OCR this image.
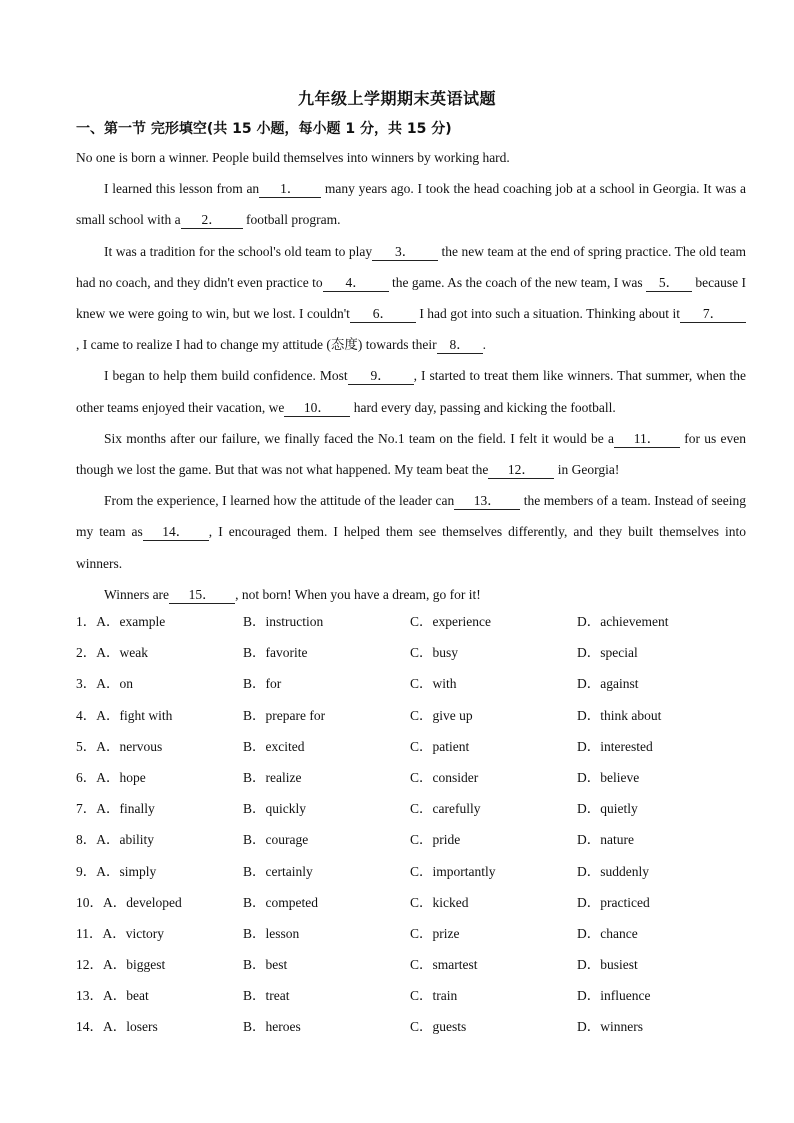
九年级上学期期末英语试题
一、第一节 完形填空(共 15 小题，每小题 1 分，共 15 分)

No one is born a winner. People build themselves into winners by working hard.

I learned this lesson from an 1． many years ago. I took the head coaching job at a school in Georgia. It was a small school with a 2． football program.

It was a tradition for the school's old team to play 3． the new team at the end of spring practice. The old team had no coach, and they didn't even practice to 4． the game. As the coach of the new team, I was 5． because I knew we were going to win, but we lost. I couldn't 6． I had got into such a situation. Thinking about it 7．, I came to realize I had to change my attitude (态度) towards their 8． .

I began to help them build confidence. Most 9． , I started to treat them like winners. That summer, when the other teams enjoyed their vacation, we 10． hard every day, passing and kicking the football.

Six months after our failure, we finally faced the No.1 team on the field. I felt it would be a 11． for us even though we lost the game. But that was not what happened. My team beat the 12． in Georgia!

From the experience, I learned how the attitude of the leader can 13． the members of a team. Instead of seeing my team as 14． , I encouraged them. I helped them see themselves differently, and they built themselves into winners.

Winners are 15． , not born! When you have a dream, go for it!

1．A．example	B．instruction	C．experience	D．achievement
2．A．weak	B．favorite	C．busy	D．special
3．A．on	B．for	C．with	D．against
4．A．fight with	B．prepare for	C．give up	D．think about
5．A．nervous	B．excited	C．patient	D．interested
6．A．hope	B．realize	C．consider	D．believe
7．A．finally	B．quickly	C．carefully	D．quietly
8．A．ability	B．courage	C．pride	D．nature
9．A．simply	B．certainly	C．importantly	D．suddenly
10．A．developed	B．competed	C．kicked	D．practiced
11．A．victory	B．lesson	C．prize	D．chance
12．A．biggest	B．best	C．smartest	D．busiest
13．A．beat	B．treat	C．train	D．influence
14．A．losers	B．heroes	C．guests	D．winners
